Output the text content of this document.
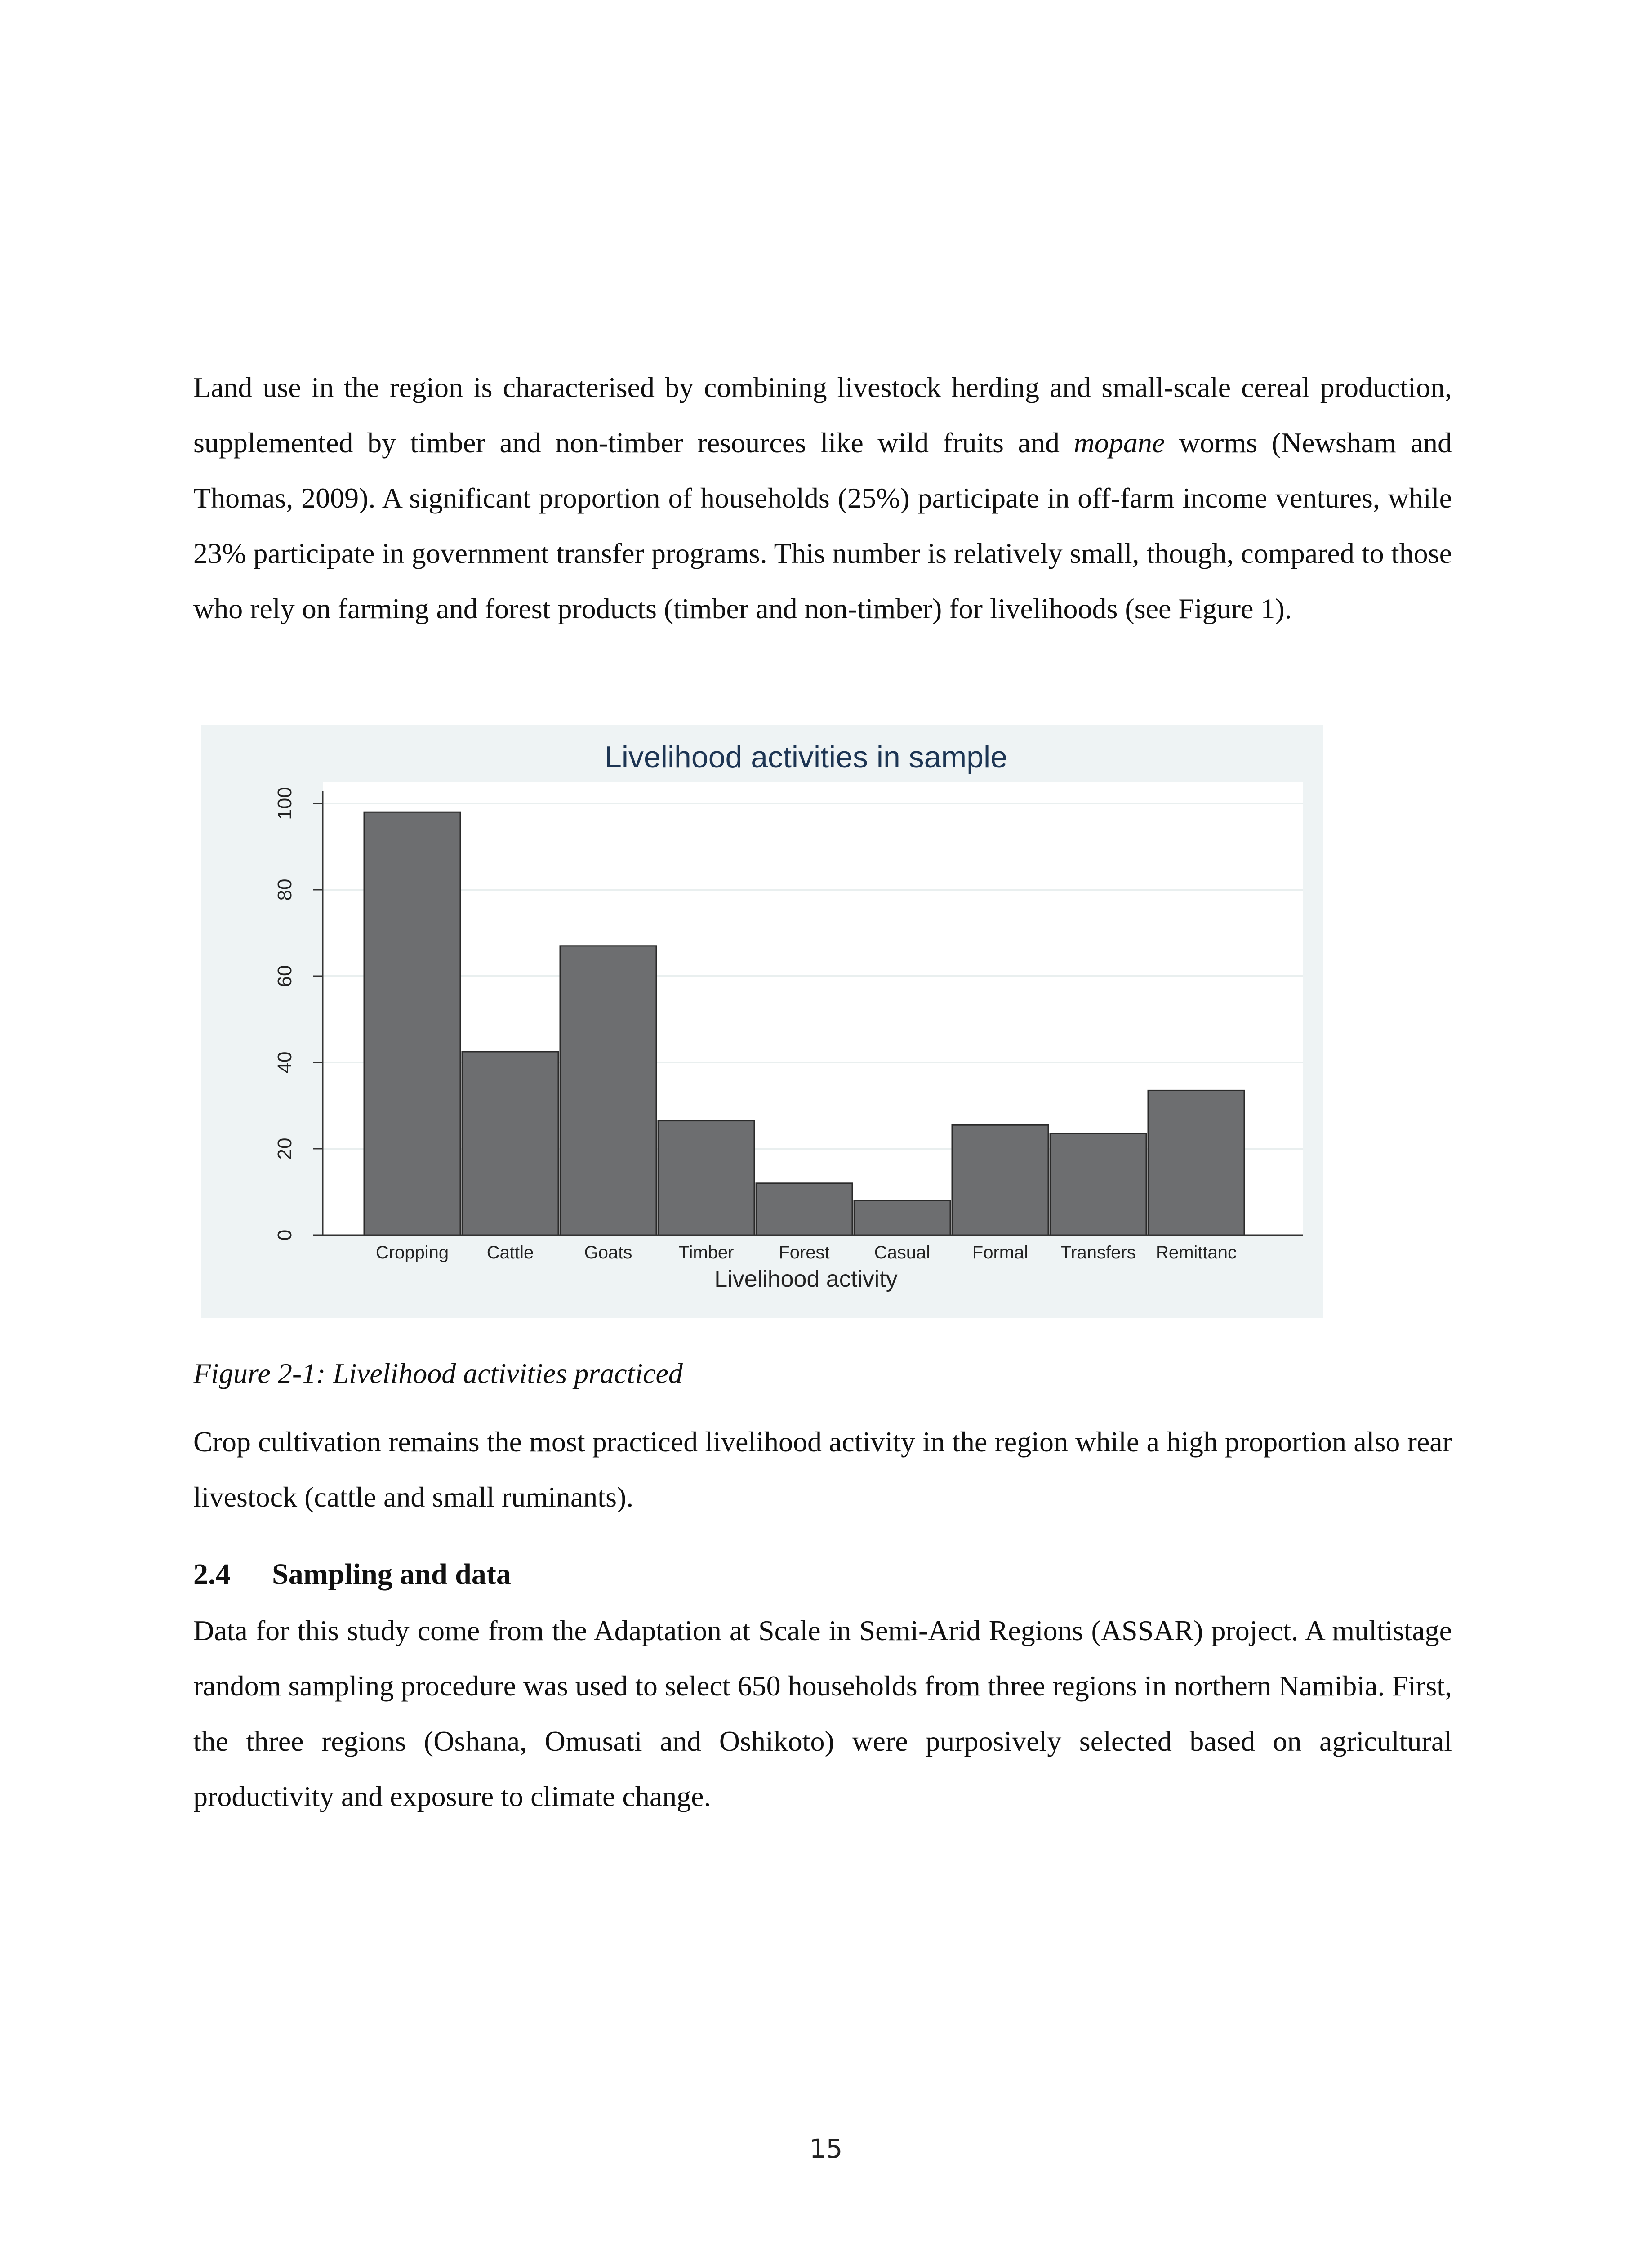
Land use in the region is characterised by combining livestock herding and small-scale cereal production, supplemented by timber and non-timber resources like wild fruits and mopane worms (Newsham and Thomas, 2009). A significant proportion of households (25%) participate in off-farm income ventures, while 23% participate in government transfer programs. This number is relatively small, though, compared to those who rely on farming and forest products (timber and non-timber) for livelihoods (see Figure 1).

0
20
40
60
80
100
Cropping Cattle	Goats	Timber Forest Casual Formal Transfers Remittanc
Livelihood activities in sample
Livelihood activity

Figure 2-1: Livelihood activities practiced

Crop cultivation remains the most practiced livelihood activity in the region while a high proportion also rear livestock (cattle and small ruminants).

2.4 Sampling and data

Data for this study come from the Adaptation at Scale in Semi-Arid Regions (ASSAR) project. A multistage random sampling procedure was used to select 650 households from three regions in northern Namibia. First, the three regions (Oshana, Omusati and Oshikoto) were purposively selected based on agricultural productivity and exposure to climate change.

15
